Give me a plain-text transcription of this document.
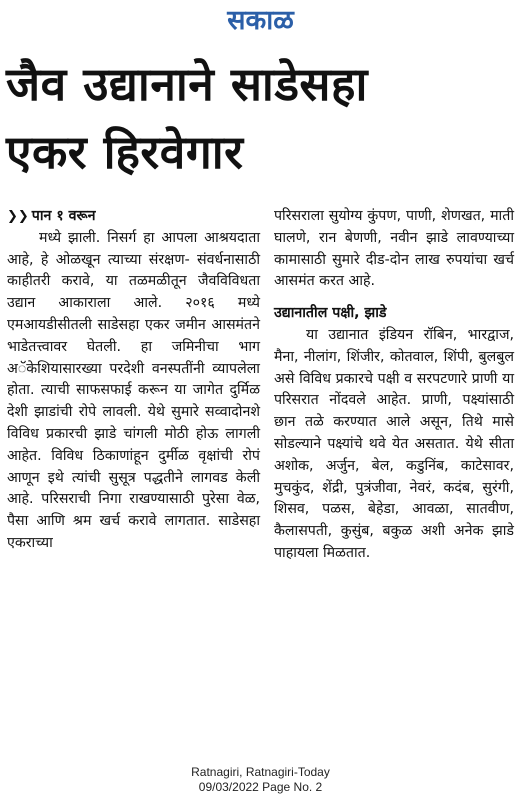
सकाळ
जैव उद्यानाने साडेसहा
एकर हिरवेगार
❯❯ पान १ वरून

मध्ये झाली. निसर्ग हा आपला आश्रयदाता आहे, हे ओळखून त्याच्या संरक्षण- संवर्धनासाठी काहीतरी करावे, या तळमळीतून जैवविविधता उद्यान आकाराला आले. २०१६ मध्ये एमआयडीसीतली साडेसहा एकर जमीन आसमंतने भाडेतत्त्वावर घेतली. हा जमिनीचा भाग अॅकेशियासारख्या परदेशी वनस्पतींनी व्यापलेला होता. त्याची साफसफाई करून या जागेत दुर्मिळ देशी झाडांची रोपे लावली. येथे सुमारे सव्वादोनशे विविध प्रकारची झाडे चांगली मोठी होऊ लागली आहेत. विविध ठिकाणांहून दुर्मीळ वृक्षांची रोपं आणून इथे त्यांची सुसूत्र पद्धतीने लागवड केली आहे. परिसराची निगा राखण्यासाठी पुरेसा वेळ, पैसा आणि श्रम खर्च करावे लागतात. साडेसहा एकराच्या

परिसराला सुयोग्य कुंपण, पाणी, शेणखत, माती घालणे, रान बेणणी, नवीन झाडे लावण्याच्या कामासाठी सुमारे दीड-दोन लाख रुपयांचा खर्च आसमंत करत आहे.

उद्यानातील पक्षी, झाडे

या उद्यानात इंडियन रॉबिन, भारद्वाज, मैना, नीलांग, शिंजीर, कोतवाल, शिंपी, बुलबुल असे विविध प्रकारचे पक्षी व सरपटणारे प्राणी या परिसरात नोंदवले आहेत. प्राणी, पक्ष्यांसाठी छान तळे करण्यात आले असून, तिथे मासे सोडल्याने पक्ष्यांचे थवे येत असतात. येथे सीता अशोक, अर्जुन, बेल, कडुनिंब, काटेसावर, मुचकुंद, शेंद्री, पुत्रंजीवा, नेवरं, कदंब, सुरंगी, शिसव, पळस, बेहेडा, आवळा, सातवीण, कैलासपती, कुसुंब, बकुळ अशी अनेक झाडे पाहायला मिळतात.

Ratnagiri, Ratnagiri-Today
09/03/2022 Page No. 2
